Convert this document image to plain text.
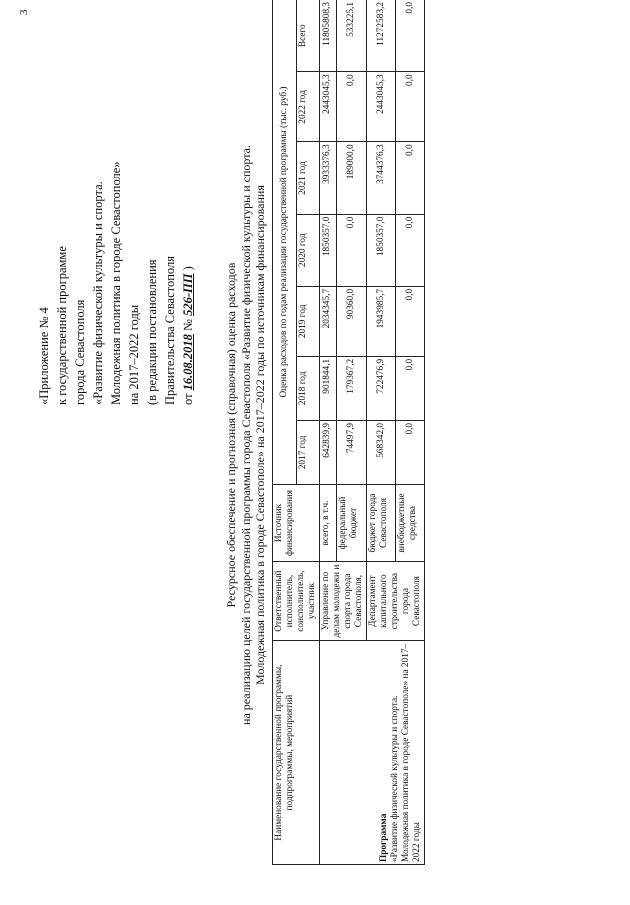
3
«Приложение № 4 к государственной программе города Севастополя «Развитие физической культуры и спорта. Молодежная политика в городе Севастополе» на 2017–2022 годы (в редакции постановления Правительства Севастополя от 16.08.2018 № 526-ПП ) Ресурсное обеспечение и прогнозная (справочная) оценка расходов на реализацию целей государственной программы города Севастополя «Развитие физической культуры и спорта. Молодежная политика в городе Севастополе» на 2017–2022 годы по источникам финансирования
Наименование государственной программы, подпрограммы, мероприятий	Ответственный исполнитель, соисполнитель, участник	Источник финансирования	Оценка расходов по годам реализации государственной программы (тыс. руб.)						
			2017 год	2018 год	2019 год	2020 год	2021 год	2022 год	Всего
Программа
«Развитие физической культуры и спорта. Молодежная политика в городе Севастополе» на 2017–2022 годы	Управление по делам молодежи и спорта города Севастополя,	всего, в т.ч.	642839,9	901844,1	2034345,7	1850357,0	3933376,3	2443045,3	11805808,3
		федеральный бюджет	74497,9	179367,2	90360,0	0,0	189000,0	0,0	533225,1
	Департамент капитального строительства города Севастополя	бюджет города Севастополя	568342,0	722476,9	1943985,7	1850357,0	3744376,3	2443045,3	11272583,2
		внебюджетные средства	0,0	0,0	0,0	0,0	0,0	0,0	0,0
